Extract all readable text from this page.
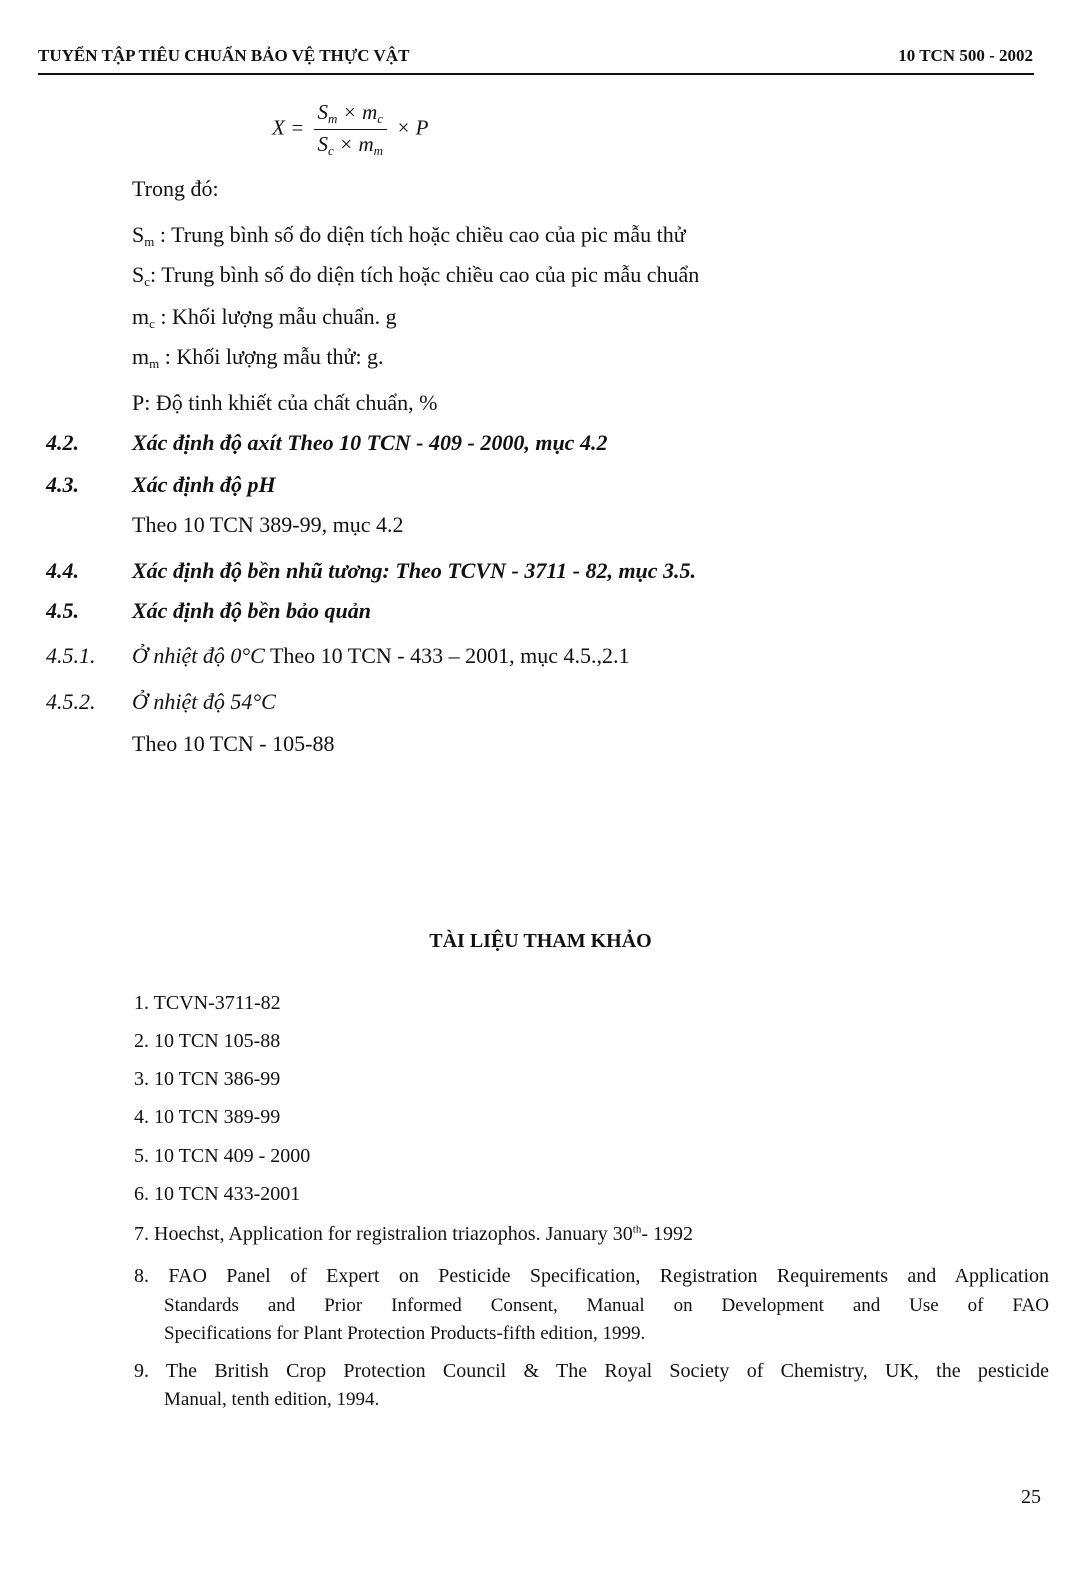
TUYỂN TẬP TIÊU CHUẨN BẢO VỆ THỰC VẬT	10 TCN 500 - 2002
$X = \frac{S_m \times m_c}{S_c \times m_m} \times P$
Trong đó:
$S_m$ : Trung bình số đo diện tích hoặc chiều cao của pic mẫu thử
$S_c$: Trung bình số đo diện tích hoặc chiều cao của pic mẫu chuẩn
$m_c$ : Khối lượng mẫu chuẩn. g
$m_m$ : Khối lượng mẫu thử: g.
P: Độ tinh khiết của chất chuẩn, %
4.2. Xác định độ axít Theo 10 TCN - 409 - 2000, mục 4.2
4.3. Xác định độ pH
Theo 10 TCN 389-99, mục 4.2
4.4. Xác định độ bền nhũ tương: Theo TCVN - 3711 - 82, mục 3.5.
4.5. Xác định độ bền bảo quản
4.5.1. Ở nhiệt độ 0°C Theo 10 TCN - 433 – 2001, mục 4.5.,2.1
4.5.2. Ở nhiệt độ 54°C
Theo 10 TCN - 105-88
TÀI LIỆU THAM KHẢO
1. TCVN-3711-82
2. 10 TCN 105-88
3. 10 TCN 386-99
4. 10 TCN 389-99
5. 10 TCN 409 - 2000
6. 10 TCN 433-2001
7. Hoechst, Application for registralion triazophos. January 30th- 1992
8. FAO Panel of Expert on Pesticide Specification, Registration Requirements and Application
Standards and Prior Informed Consent, Manual on Development and Use of FAO
Specifications for Plant Protection Products-fifth edition, 1999.
9. The British Crop Protection Council & The Royal Society of Chemistry, UK, the pesticide
Manual, tenth edition, 1994.
25
